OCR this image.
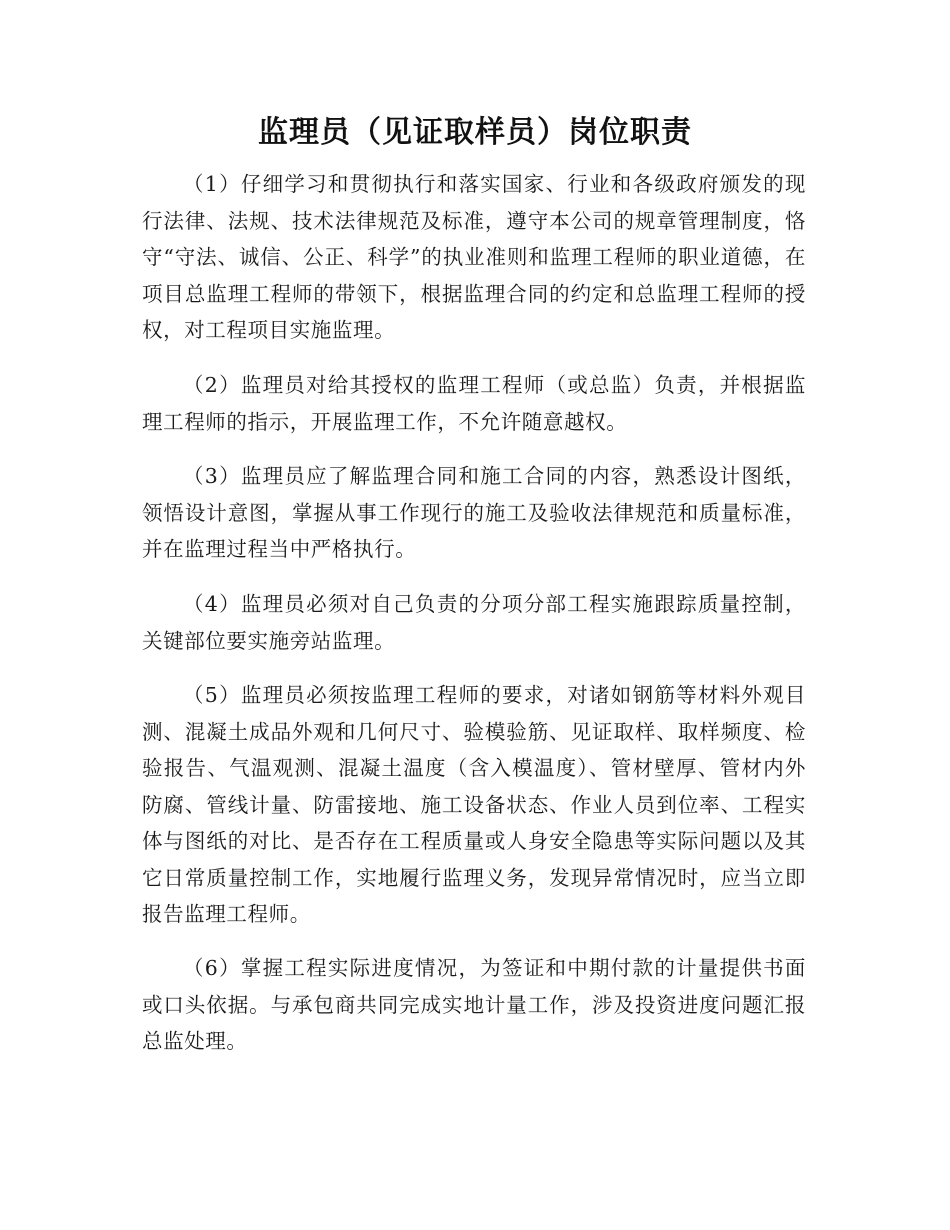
监理员（见证取样员）岗位职责

（1）仔细学习和贯彻执行和落实国家、行业和各级政府颁发的现行法律、法规、技术法律规范及标准，遵守本公司的规章管理制度，恪守“守法、诚信、公正、科学”的执业准则和监理工程师的职业道德，在项目总监理工程师的带领下，根据监理合同的约定和总监理工程师的授权，对工程项目实施监理。

（2）监理员对给其授权的监理工程师（或总监）负责，并根据监理工程师的指示，开展监理工作，不允许随意越权。

（3）监理员应了解监理合同和施工合同的内容，熟悉设计图纸，领悟设计意图，掌握从事工作现行的施工及验收法律规范和质量标准，并在监理过程当中严格执行。

（4）监理员必须对自己负责的分项分部工程实施跟踪质量控制，关键部位要实施旁站监理。

（5）监理员必须按监理工程师的要求，对诸如钢筋等材料外观目测、混凝土成品外观和几何尺寸、验模验筋、见证取样、取样频度、检验报告、气温观测、混凝土温度（含入模温度）、管材壁厚、管材内外防腐、管线计量、防雷接地、施工设备状态、作业人员到位率、工程实体与图纸的对比、是否存在工程质量或人身安全隐患等实际问题以及其它日常质量控制工作，实地履行监理义务，发现异常情况时，应当立即报告监理工程师。

（6）掌握工程实际进度情况，为签证和中期付款的计量提供书面或口头依据。与承包商共同完成实地计量工作，涉及投资进度问题汇报总监处理。
